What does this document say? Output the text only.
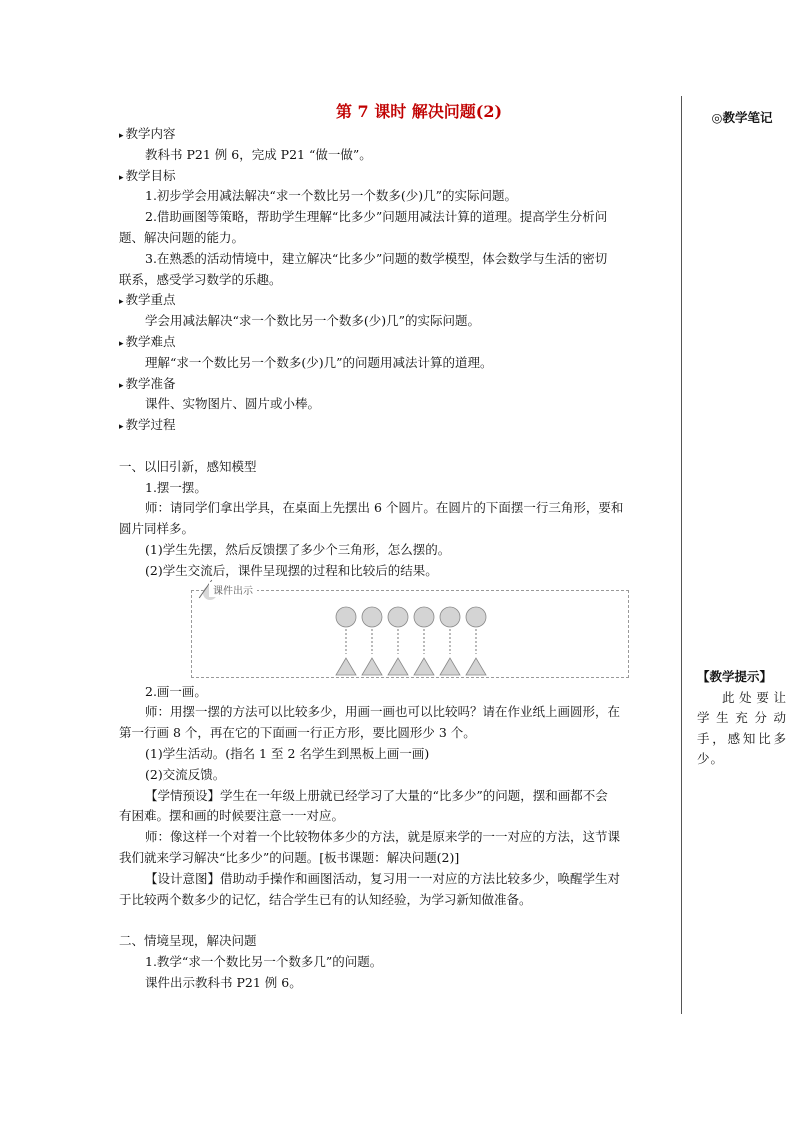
第 7 课时 解决问题(2)
▸ 教学内容
教科书 P21 例 6，完成 P21 “做一做”。
▸ 教学目标
1.初步学会用减法解决“求一个数比另一个数多(少)几”的实际问题。
2.借助画图等策略，帮助学生理解“比多少”问题用减法计算的道理。提高学生分析问
题、解决问题的能力。
3.在熟悉的活动情境中，建立解决“比多少”问题的数学模型，体会数学与生活的密切
联系，感受学习数学的乐趣。
▸ 教学重点
学会用减法解决“求一个数比另一个数多(少)几”的实际问题。
▸ 教学难点
理解“求一个数比另一个数多(少)几”的问题用减法计算的道理。
▸ 教学准备
课件、实物图片、圆片或小棒。
▸ 教学过程
一、以旧引新，感知模型
1.摆一摆。
师：请同学们拿出学具，在桌面上先摆出 6 个圆片。在圆片的下面摆一行三角形，要和
圆片同样多。
(1)学生先摆，然后反馈摆了多少个三角形，怎么摆的。
(2)学生交流后，课件呈现摆的过程和比较后的结果。
课件出示
2.画一画。
师：用摆一摆的方法可以比较多少，用画一画也可以比较吗？请在作业纸上画圆形，在
第一行画 8 个，再在它的下面画一行正方形，要比圆形少 3 个。
(1)学生活动。(指名 1 至 2 名学生到黑板上画一画)
(2)交流反馈。
【学情预设】学生在一年级上册就已经学习了大量的“比多少”的问题，摆和画都不会
有困难。摆和画的时候要注意一一对应。
师：像这样一个对着一个比较物体多少的方法，就是原来学的一一对应的方法，这节课
我们就来学习解决“比多少”的问题。[板书课题：解决问题(2)]
【设计意图】借助动手操作和画图活动，复习用一一对应的方法比较多少，唤醒学生对
于比较两个数多少的记忆，结合学生已有的认知经验，为学习新知做准备。
二、情境呈现，解决问题
1.教学“求一个数比另一个数多几”的问题。
课件出示教科书 P21 例 6。
◎教学笔记
【教学提示】
此处要让学生充分动手，感知比多少。
